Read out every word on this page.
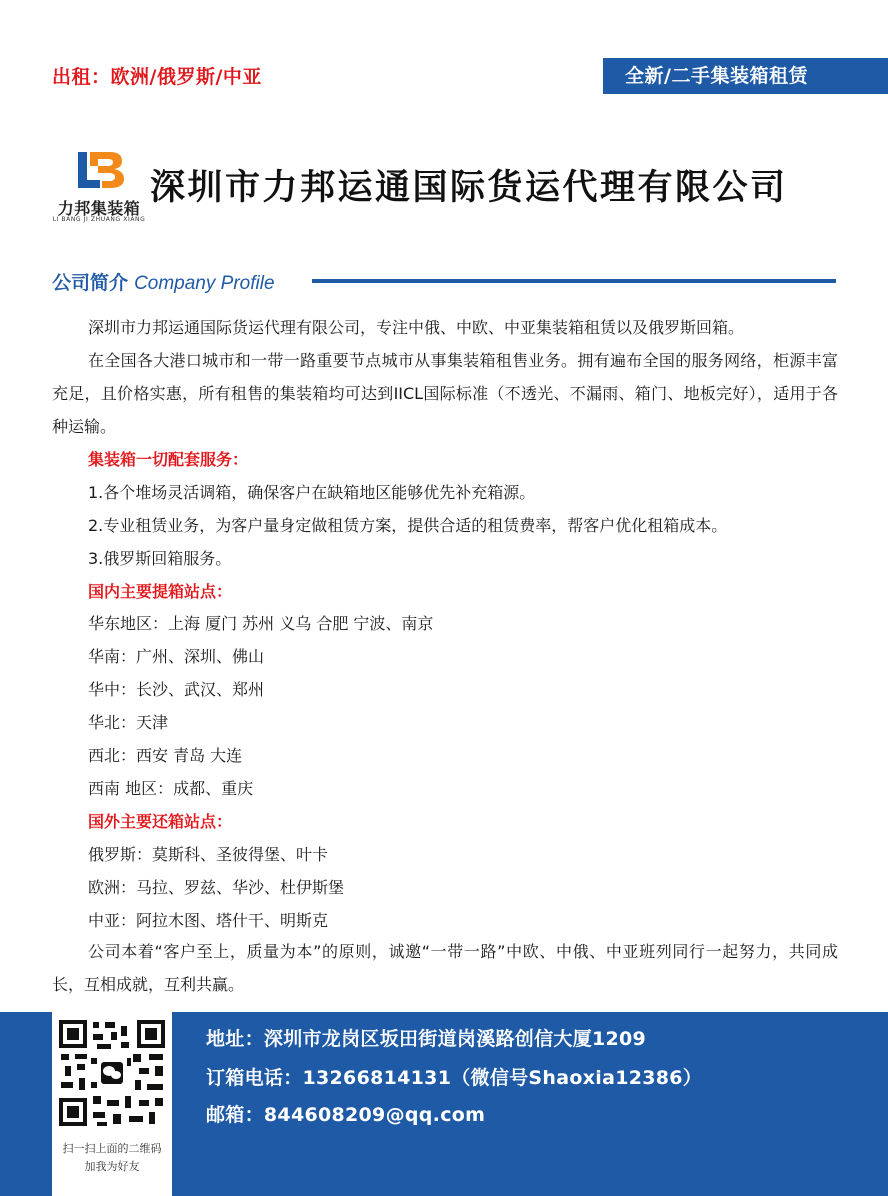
出租：欧洲/俄罗斯/中亚	全新/二手集装箱租赁
力邦集装箱
LI BANG JI ZHUANG XIANG
深圳市力邦运通国际货运代理有限公司
公司简介 Company Profile
深圳市力邦运通国际货运代理有限公司，专注中俄、中欧、中亚集装箱租赁以及俄罗斯回箱。
在全国各大港口城市和一带一路重要节点城市从事集装箱租售业务。拥有遍布全国的服务网络，柜源丰富充足，且价格实惠，所有租售的集装箱均可达到IICL国际标准（不透光、不漏雨、箱门、地板完好），适用于各种运输。
集装箱一切配套服务：
1.各个堆场灵活调箱，确保客户在缺箱地区能够优先补充箱源。
2.专业租赁业务，为客户量身定做租赁方案，提供合适的租赁费率，帮客户优化租箱成本。
3.俄罗斯回箱服务。
国内主要提箱站点：
华东地区：上海 厦门 苏州 义乌 合肥 宁波、南京
华南：广州、深圳、佛山
华中：长沙、武汉、郑州
华北：天津
西北：西安 青岛 大连
西南 地区：成都、重庆
国外主要还箱站点：
俄罗斯：莫斯科、圣彼得堡、叶卡
欧洲：马拉、罗兹、华沙、杜伊斯堡
中亚：阿拉木图、塔什干、明斯克
公司本着“客户至上，质量为本”的原则，诚邀“一带一路”中欧、中俄、中亚班列同行一起努力，共同成长，互相成就，互利共赢。
扫一扫上面的二维码
加我为好友
地址：深圳市龙岗区坂田街道岗溪路创信大厦1209
订箱电话：13266814131（微信号Shaoxia12386）
邮箱：844608209@qq.com
